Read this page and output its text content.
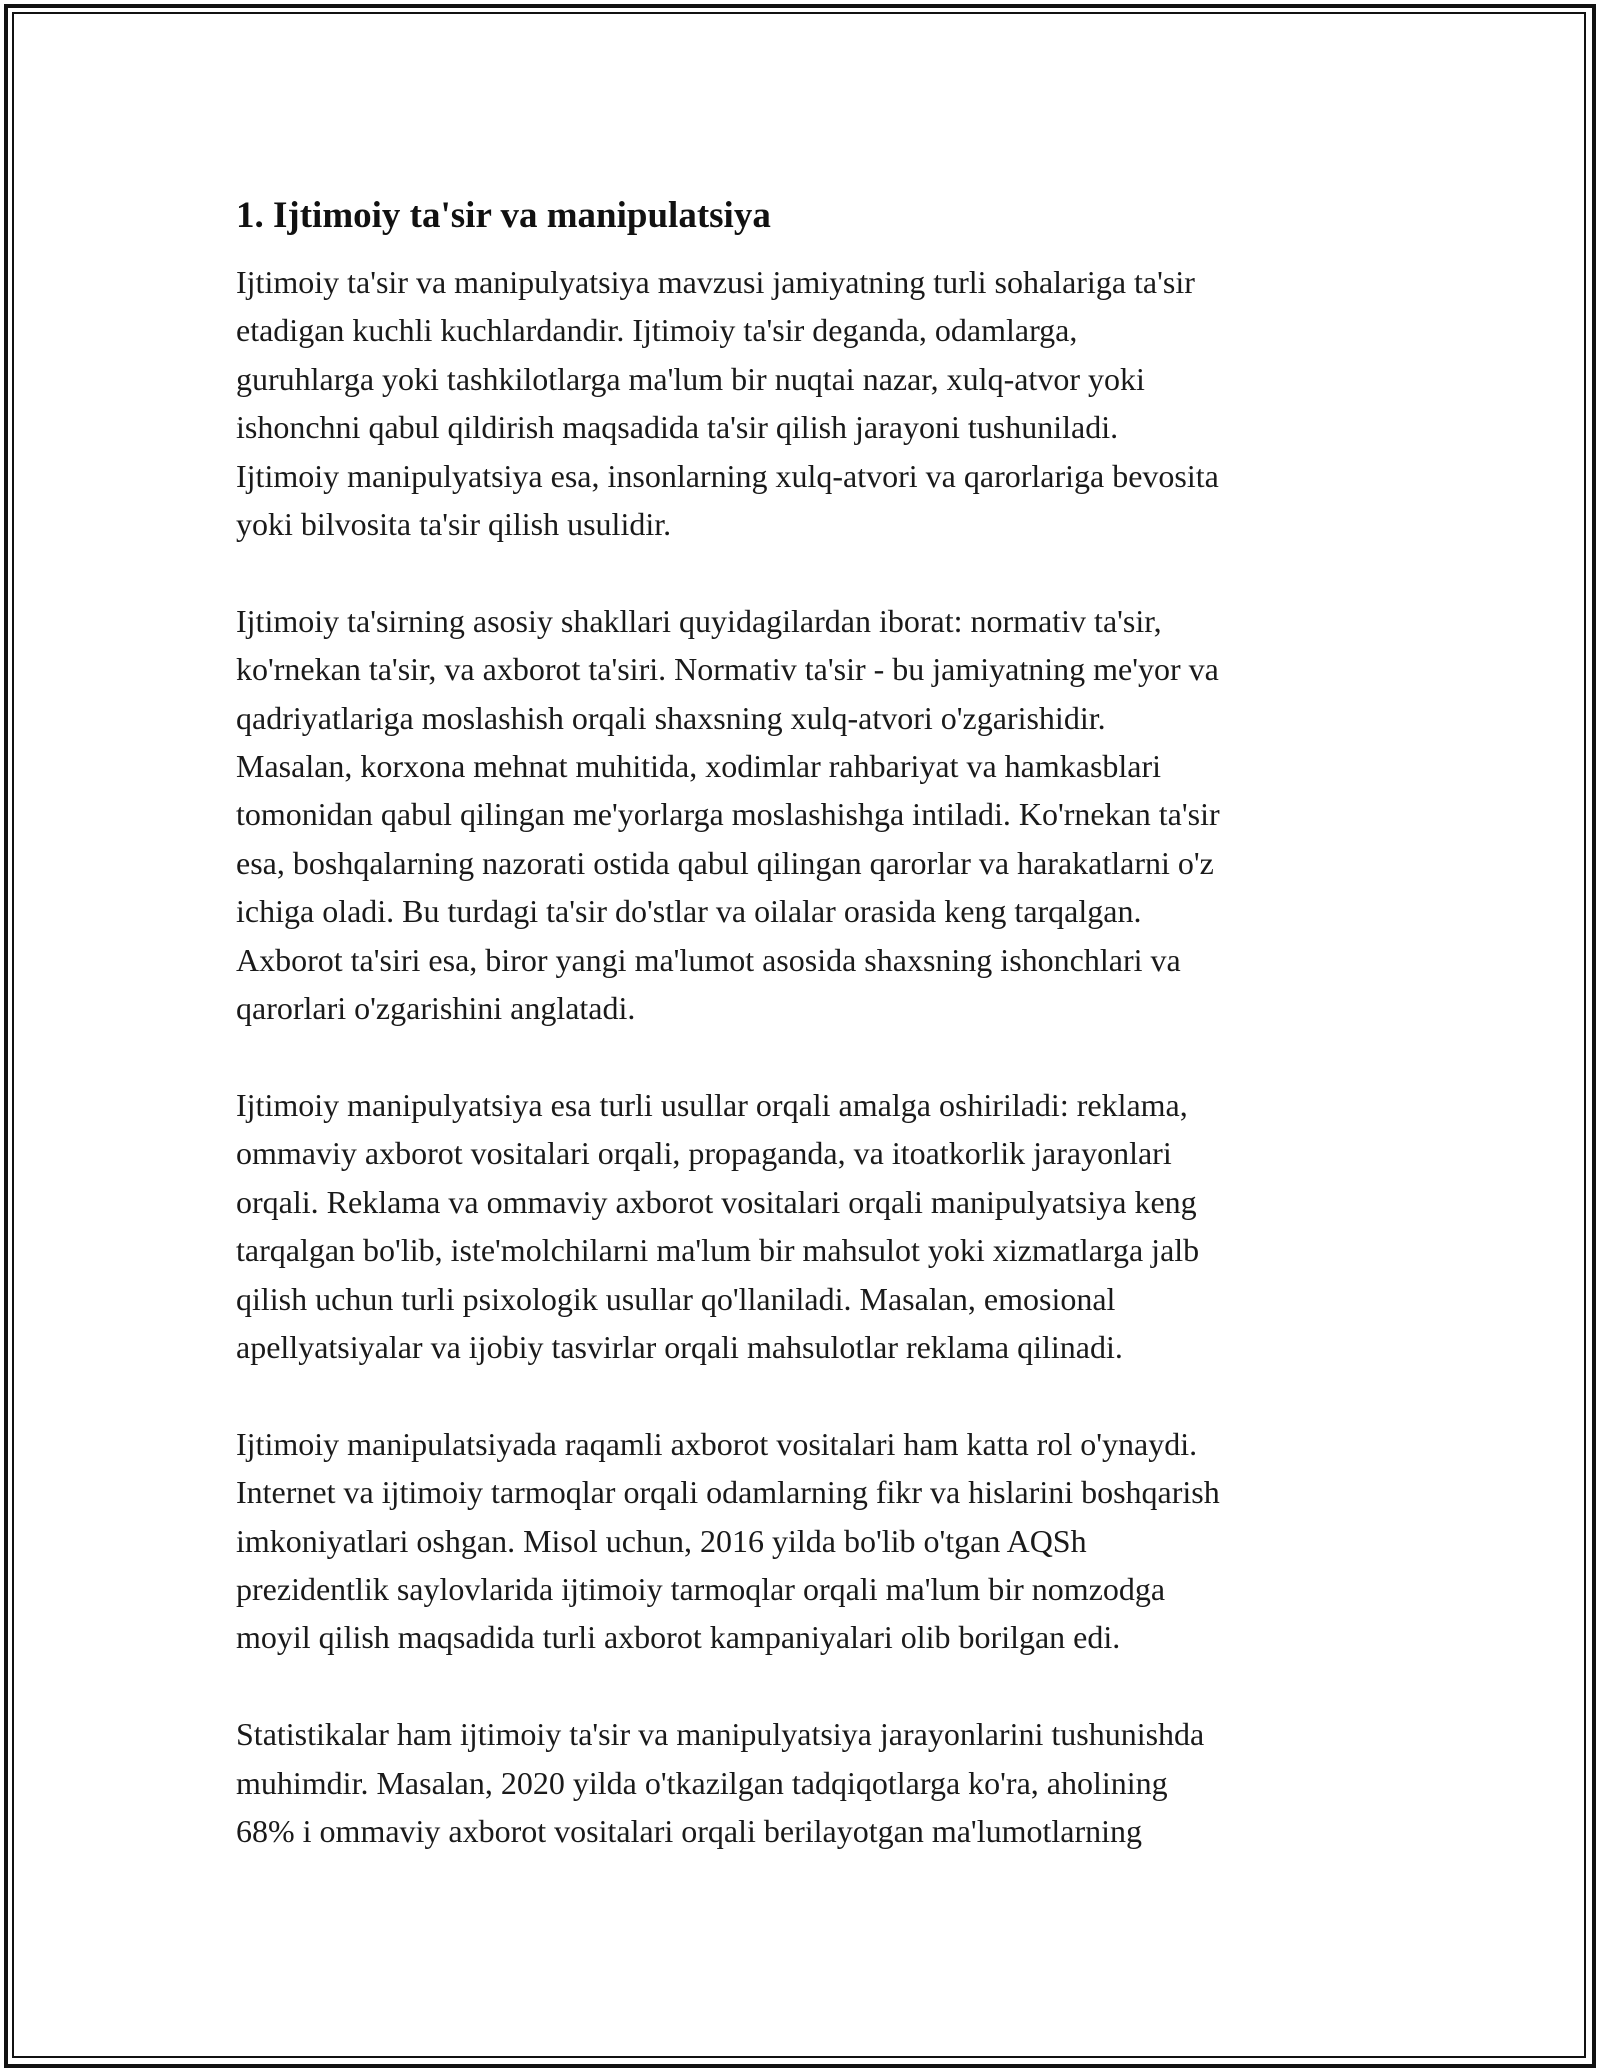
1. Ijtimoiy ta'sir va manipulatsiya

Ijtimoiy ta'sir va manipulyatsiya mavzusi jamiyatning turli sohalariga ta'sir
etadigan kuchli kuchlardandir. Ijtimoiy ta'sir deganda, odamlarga,
guruhlarga yoki tashkilotlarga ma'lum bir nuqtai nazar, xulq-atvor yoki
ishonchni qabul qildirish maqsadida ta'sir qilish jarayoni tushuniladi.
Ijtimoiy manipulyatsiya esa, insonlarning xulq-atvori va qarorlariga bevosita
yoki bilvosita ta'sir qilish usulidir.

Ijtimoiy ta'sirning asosiy shakllari quyidagilardan iborat: normativ ta'sir,
ko'rnekan ta'sir, va axborot ta'siri. Normativ ta'sir - bu jamiyatning me'yor va
qadriyatlariga moslashish orqali shaxsning xulq-atvori o'zgarishidir.
Masalan, korxona mehnat muhitida, xodimlar rahbariyat va hamkasblari
tomonidan qabul qilingan me'yorlarga moslashishga intiladi. Ko'rnekan ta'sir
esa, boshqalarning nazorati ostida qabul qilingan qarorlar va harakatlarni o'z
ichiga oladi. Bu turdagi ta'sir do'stlar va oilalar orasida keng tarqalgan.
Axborot ta'siri esa, biror yangi ma'lumot asosida shaxsning ishonchlari va
qarorlari o'zgarishini anglatadi.

Ijtimoiy manipulyatsiya esa turli usullar orqali amalga oshiriladi: reklama,
ommaviy axborot vositalari orqali, propaganda, va itoatkorlik jarayonlari
orqali. Reklama va ommaviy axborot vositalari orqali manipulyatsiya keng
tarqalgan bo'lib, iste'molchilarni ma'lum bir mahsulot yoki xizmatlarga jalb
qilish uchun turli psixologik usullar qo'llaniladi. Masalan, emosional
apellyatsiyalar va ijobiy tasvirlar orqali mahsulotlar reklama qilinadi.

Ijtimoiy manipulatsiyada raqamli axborot vositalari ham katta rol o'ynaydi.
Internet va ijtimoiy tarmoqlar orqali odamlarning fikr va hislarini boshqarish
imkoniyatlari oshgan. Misol uchun, 2016 yilda bo'lib o'tgan AQSh
prezidentlik saylovlarida ijtimoiy tarmoqlar orqali ma'lum bir nomzodga
moyil qilish maqsadida turli axborot kampaniyalari olib borilgan edi.

Statistikalar ham ijtimoiy ta'sir va manipulyatsiya jarayonlarini tushunishda
muhimdir. Masalan, 2020 yilda o'tkazilgan tadqiqotlarga ko'ra, aholining
68% i ommaviy axborot vositalari orqali berilayotgan ma'lumotlarning
